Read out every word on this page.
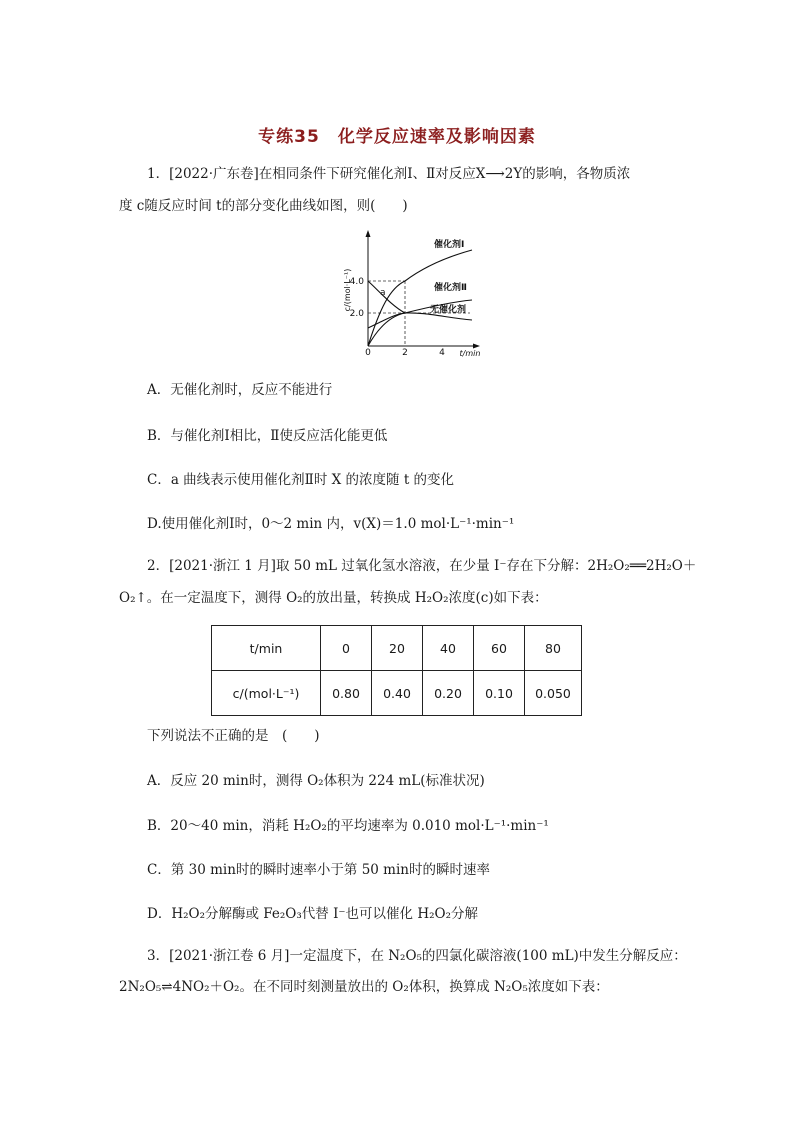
专练35　化学反应速率及影响因素
1．[2022·广东卷]在相同条件下研究催化剂Ⅰ、Ⅱ对反应X⟶2Y的影响，各物质浓
度 c随反应时间 t的部分变化曲线如图，则(　　)
4.0
2.0
0	2	4 t/min
c/(mol·L⁻¹)	a
催化剂Ⅰ
催化剂Ⅱ
无催化剂
A．无催化剂时，反应不能进行
B．与催化剂Ⅰ相比，Ⅱ使反应活化能更低
C．a 曲线表示使用催化剂Ⅱ时 X 的浓度随 t 的变化
D.使用催化剂Ⅰ时，0～2 min 内，v(X)＝1.0 mol·L⁻¹·min⁻¹
2．[2021·浙江 1 月]取 50 mL 过氧化氢水溶液，在少量 I⁻存在下分解：2H₂O₂══2H₂O＋
O₂↑。在一定温度下，测得 O₂的放出量，转换成 H₂O₂浓度(c)如下表：
t/min	0	20	40	60	80
c/(mol·L⁻¹)	0.80	0.40	0.20	0.10	0.050
下列说法不正确的是　(　　)
A．反应 20 min时，测得 O₂体积为 224 mL(标准状况)
B．20～40 min，消耗 H₂O₂的平均速率为 0.010 mol·L⁻¹·min⁻¹
C．第 30 min时的瞬时速率小于第 50 min时的瞬时速率
D．H₂O₂分解酶或 Fe₂O₃代替 I⁻也可以催化 H₂O₂分解
3．[2021·浙江卷 6 月]一定温度下，在 N₂O₅的四氯化碳溶液(100 mL)中发生分解反应：
2N₂O₅⇌4NO₂＋O₂。在不同时刻测量放出的 O₂体积，换算成 N₂O₅浓度如下表：
